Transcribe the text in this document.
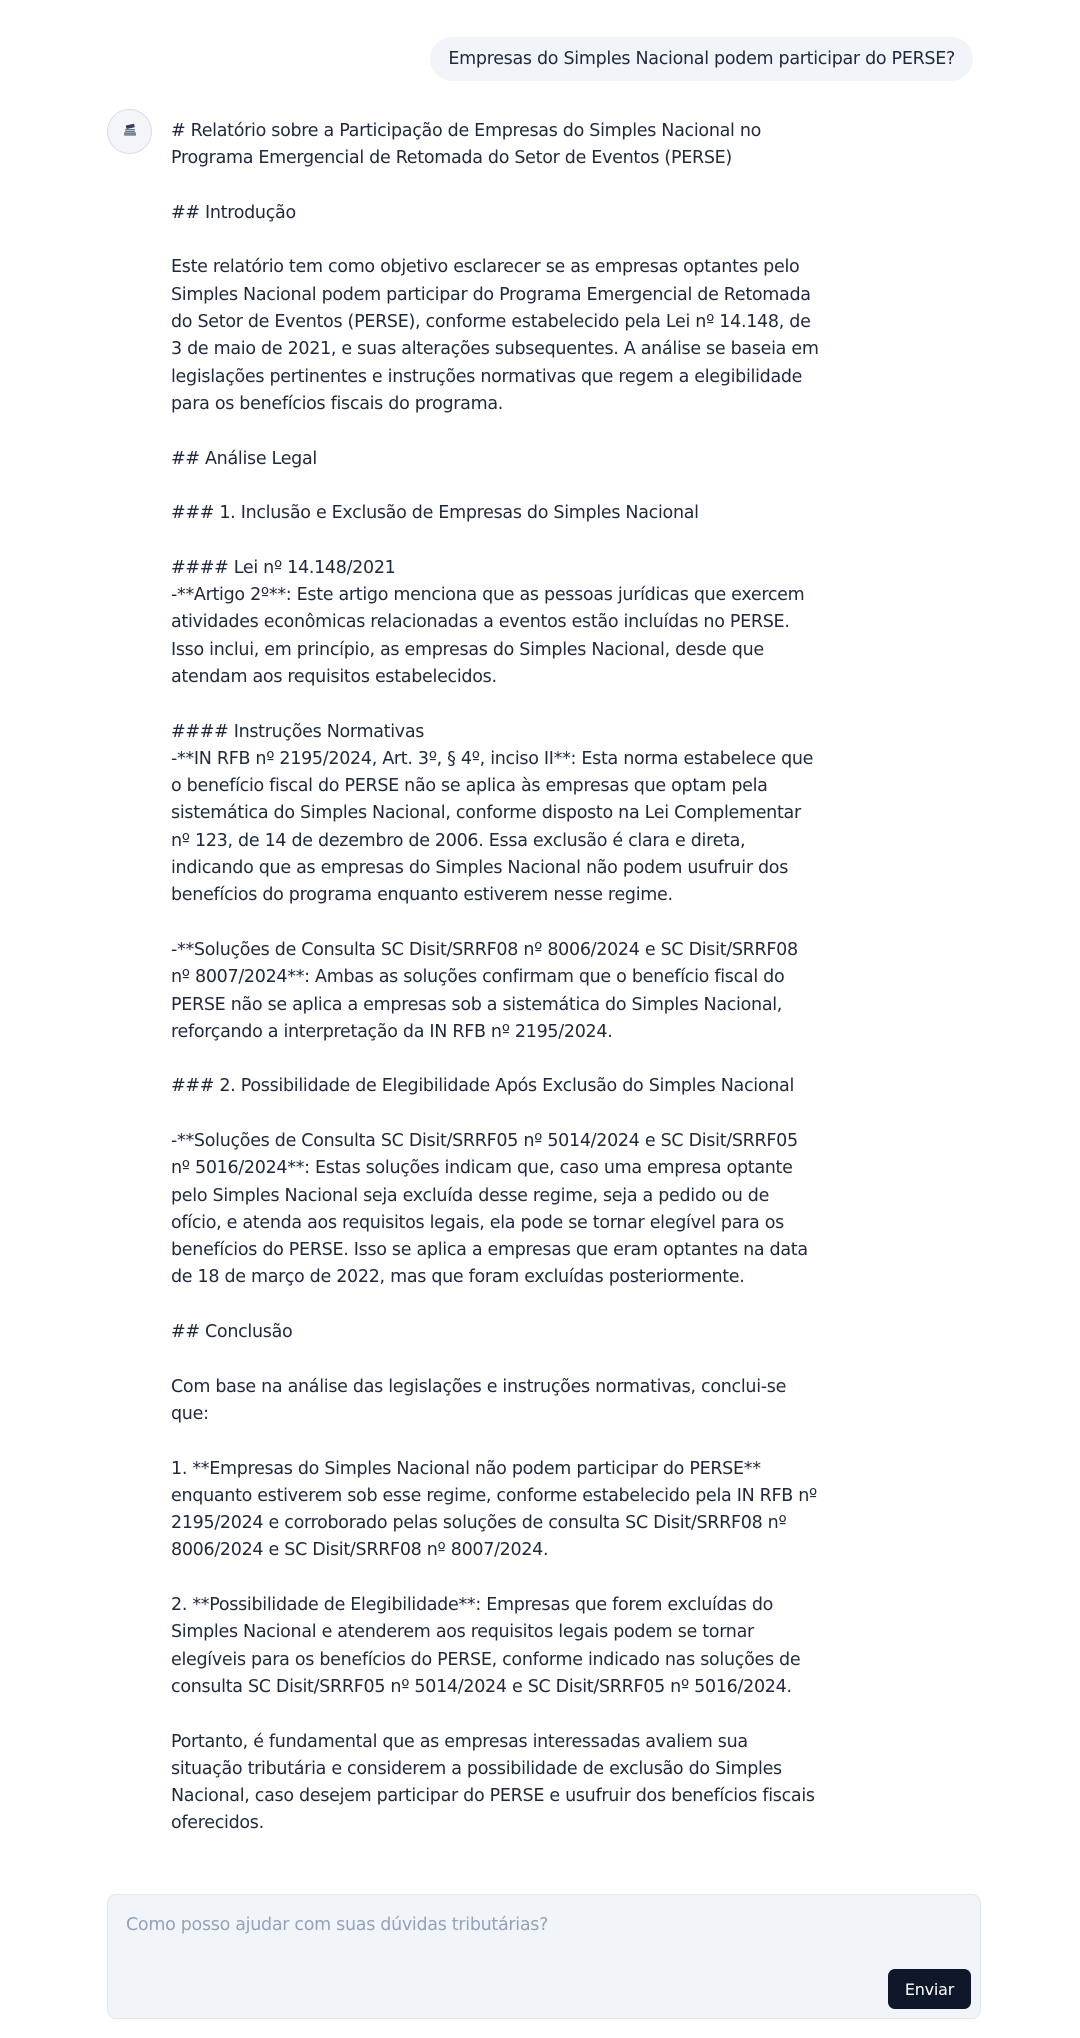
Empresas do Simples Nacional podem participar do PERSE?
# Relatório sobre a Participação de Empresas do Simples Nacional no Programa Emergencial de Retomada do Setor de Eventos (PERSE)

## Introdução

Este relatório tem como objetivo esclarecer se as empresas optantes pelo Simples Nacional podem participar do Programa Emergencial de Retomada do Setor de Eventos (PERSE), conforme estabelecido pela Lei nº 14.148, de 3 de maio de 2021, e suas alterações subsequentes. A análise se baseia em legislações pertinentes e instruções normativas que regem a elegibilidade para os benefícios fiscais do programa.

## Análise Legal

### 1. Inclusão e Exclusão de Empresas do Simples Nacional

#### Lei nº 14.148/2021
-**Artigo 2º**: Este artigo menciona que as pessoas jurídicas que exercem atividades econômicas relacionadas a eventos estão incluídas no PERSE. Isso inclui, em princípio, as empresas do Simples Nacional, desde que atendam aos requisitos estabelecidos.

#### Instruções Normativas
-**IN RFB nº 2195/2024, Art. 3º, § 4º, inciso II**: Esta norma estabelece que o benefício fiscal do PERSE não se aplica às empresas que optam pela sistemática do Simples Nacional, conforme disposto na Lei Complementar nº 123, de 14 de dezembro de 2006. Essa exclusão é clara e direta, indicando que as empresas do Simples Nacional não podem usufruir dos benefícios do programa enquanto estiverem nesse regime.

-**Soluções de Consulta SC Disit/SRRF08 nº 8006/2024 e SC Disit/SRRF08 nº 8007/2024**: Ambas as soluções confirmam que o benefício fiscal do PERSE não se aplica a empresas sob a sistemática do Simples Nacional, reforçando a interpretação da IN RFB nº 2195/2024.

### 2. Possibilidade de Elegibilidade Após Exclusão do Simples Nacional

-**Soluções de Consulta SC Disit/SRRF05 nº 5014/2024 e SC Disit/SRRF05 nº 5016/2024**: Estas soluções indicam que, caso uma empresa optante pelo Simples Nacional seja excluída desse regime, seja a pedido ou de ofício, e atenda aos requisitos legais, ela pode se tornar elegível para os benefícios do PERSE. Isso se aplica a empresas que eram optantes na data de 18 de março de 2022, mas que foram excluídas posteriormente.

## Conclusão

Com base na análise das legislações e instruções normativas, conclui-se que:

1. **Empresas do Simples Nacional não podem participar do PERSE** enquanto estiverem sob esse regime, conforme estabelecido pela IN RFB nº 2195/2024 e corroborado pelas soluções de consulta SC Disit/SRRF08 nº 8006/2024 e SC Disit/SRRF08 nº 8007/2024.

2. **Possibilidade de Elegibilidade**: Empresas que forem excluídas do Simples Nacional e atenderem aos requisitos legais podem se tornar elegíveis para os benefícios do PERSE, conforme indicado nas soluções de consulta SC Disit/SRRF05 nº 5014/2024 e SC Disit/SRRF05 nº 5016/2024.

Portanto, é fundamental que as empresas interessadas avaliem sua situação tributária e considerem a possibilidade de exclusão do Simples Nacional, caso desejem participar do PERSE e usufruir dos benefícios fiscais oferecidos.
Como posso ajudar com suas dúvidas tributárias?
Enviar
